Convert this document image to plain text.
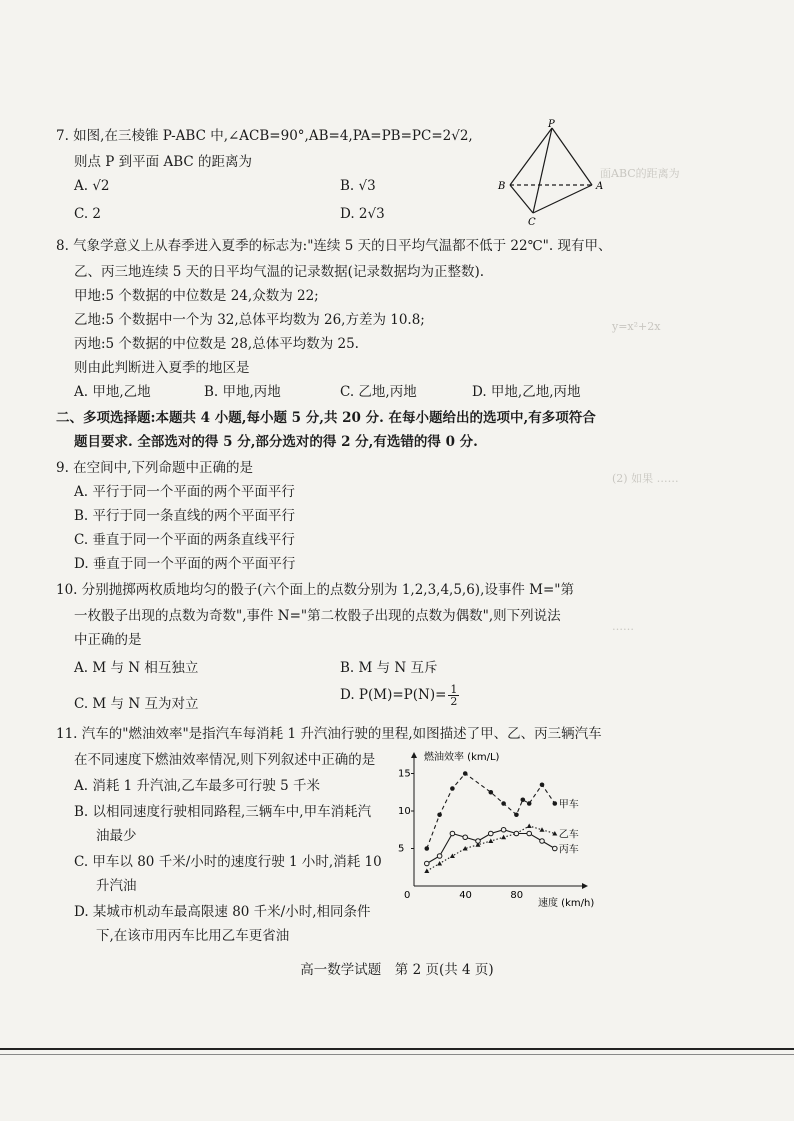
面ABC的距离为
y=x²+2x
(2) 如果 ……
……
7. 如图,在三棱锥 P-ABC 中,∠ACB=90°,AB=4,PA=PB=PC=2√2,
则点 P 到平面 ABC 的距离为
A. √2	B. √3
C. 2	D. 2√3
P
A
B
C
8. 气象学意义上从春季进入夏季的标志为:"连续 5 天的日平均气温都不低于 22℃". 现有甲、
乙、丙三地连续 5 天的日平均气温的记录数据(记录数据均为正整数).
甲地:5 个数据的中位数是 24,众数为 22;
乙地:5 个数据中一个为 32,总体平均数为 26,方差为 10.8;
丙地:5 个数据的中位数是 28,总体平均数为 25.
则由此判断进入夏季的地区是
A. 甲地,乙地	B. 甲地,丙地	C. 乙地,丙地	D. 甲地,乙地,丙地
二、多项选择题:本题共 4 小题,每小题 5 分,共 20 分. 在每小题给出的选项中,有多项符合
题目要求. 全部选对的得 5 分,部分选对的得 2 分,有选错的得 0 分.
9. 在空间中,下列命题中正确的是
A. 平行于同一个平面的两个平面平行
B. 平行于同一条直线的两个平面平行
C. 垂直于同一个平面的两条直线平行
D. 垂直于同一个平面的两个平面平行
10. 分别抛掷两枚质地均匀的骰子(六个面上的点数分别为 1,2,3,4,5,6),设事件 M="第
一枚骰子出现的点数为奇数",事件 N="第二枚骰子出现的点数为偶数",则下列说法
中正确的是
A. M 与 N 相互独立	B. M 与 N 互斥
C. M 与 N 互为对立
D. $P(M)=P(N)= \frac{1}{2}$
11. 汽车的"燃油效率"是指汽车每消耗 1 升汽油行驶的里程,如图描述了甲、乙、丙三辆汽车
在不同速度下燃油效率情况,则下列叙述中正确的是
A. 消耗 1 升汽油,乙车最多可行驶 5 千米
B. 以相同速度行驶相同路程,三辆车中,甲车消耗汽
油最少
C. 甲车以 80 千米/小时的速度行驶 1 小时,消耗 10
升汽油
D. 某城市机动车最高限速 80 千米/小时,相同条件
下,在该市用丙车比用乙车更省油
燃油效率 (km/L)
速度 (km/h)
0	40	80
5
10
15
甲车
乙车
丙车
高一数学试题　第 2 页(共 4 页)
